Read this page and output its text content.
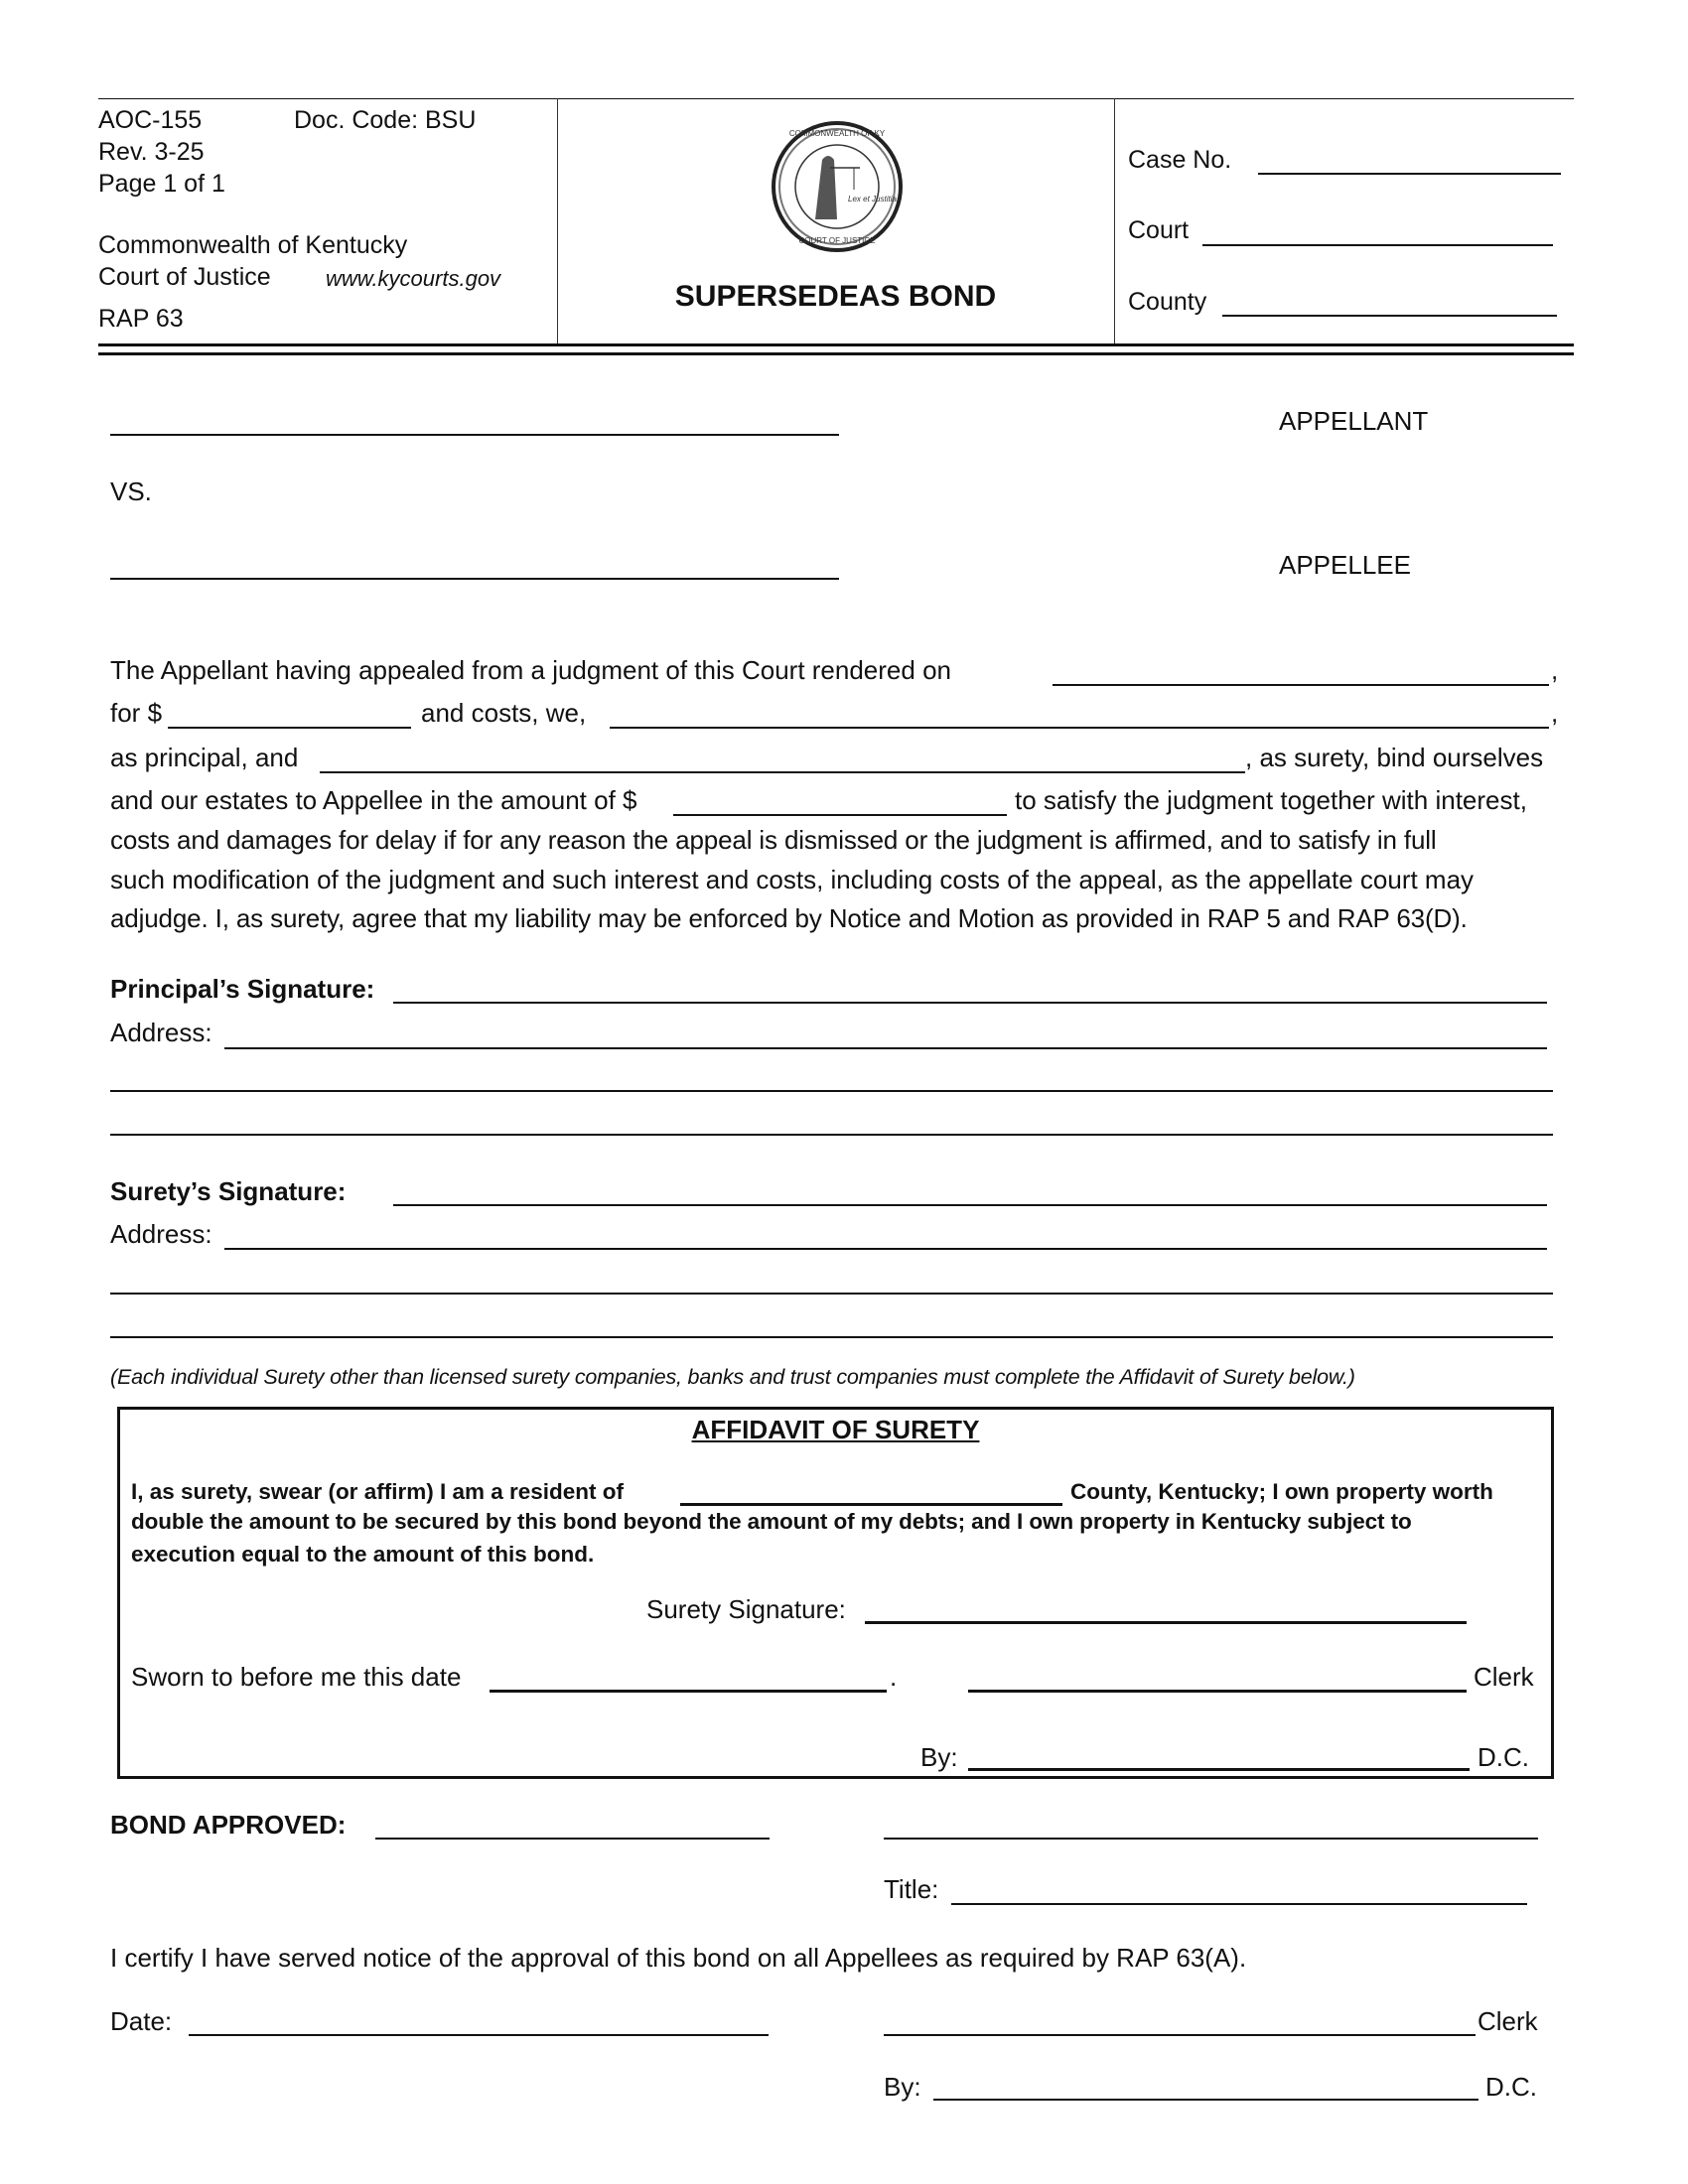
AOC-155	Doc. Code: BSU
Rev. 3-25
Page 1 of 1
Commonwealth of Kentucky
Court of Justice	www.kycourts.gov
RAP 63
Lex et Justitia
COMMONWEALTH OF KY
COURT OF JUSTICE
SUPERSEDEAS BOND
Case No.
Court
County
APPELLANT
VS.
APPELLEE
The Appellant having appealed from a judgment of this Court rendered on	,
for $	and costs, we,	,
as principal, and	, as surety, bind ourselves
and our estates to Appellee in the amount of $	to satisfy the judgment together with interest,
costs and damages for delay if for any reason the appeal is dismissed or the judgment is affirmed, and to satisfy in full
such modification of the judgment and such interest and costs, including costs of the appeal, as the appellate court may
adjudge. I, as surety, agree that my liability may be enforced by Notice and Motion as provided in RAP 5 and RAP 63(D).
Principal’s Signature:
Address:
Surety’s Signature:
Address:
(Each individual Surety other than licensed surety companies, banks and trust companies must complete the Affidavit of Surety below.)
AFFIDAVIT OF SURETY
I, as surety, swear (or affirm) I am a resident of	County, Kentucky; I own property worth
double the amount to be secured by this bond beyond the amount of my debts; and I own property in Kentucky subject to
execution equal to the amount of this bond.
Surety Signature:
Sworn to before me this date	.	Clerk
By:	D.C.
BOND APPROVED:
Title:
I certify I have served notice of the approval of this bond on all Appellees as required by RAP 63(A).
Date:	Clerk
By:	D.C.
